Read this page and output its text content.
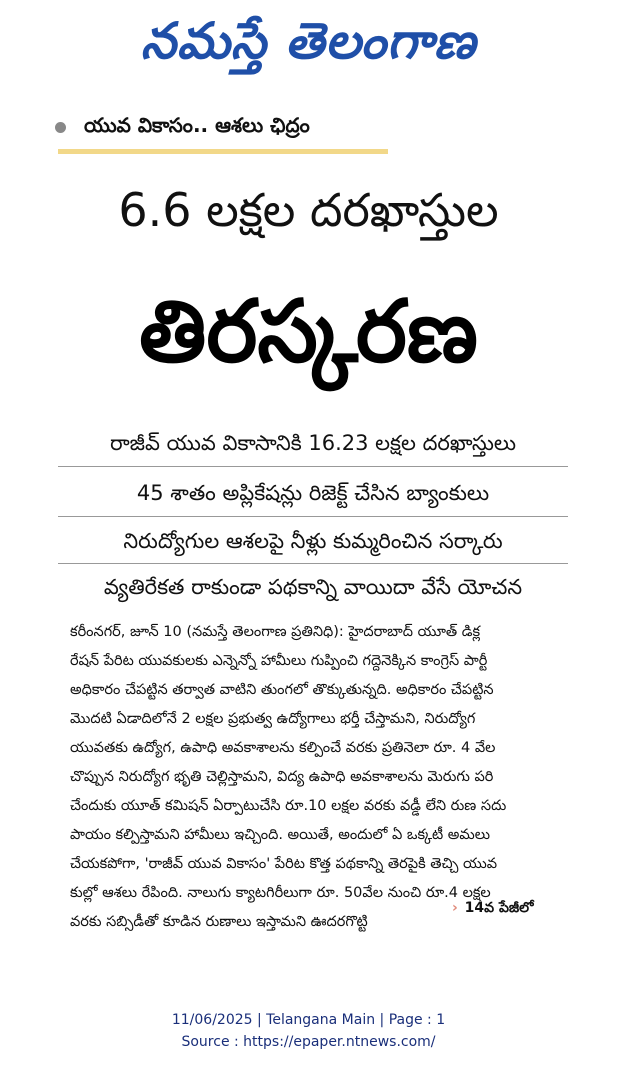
నమస్తే తెలంగాణ
యువ వికాసం.. ఆశలు ఛిద్రం
6.6 లక్షల దరఖాస్తుల
తిరస్కరణ
రాజీవ్ యువ వికాసానికి 16.23 లక్షల దరఖాస్తులు
45 శాతం అప్లికేషన్లు రిజెక్ట్ చేసిన బ్యాంకులు
నిరుద్యోగుల ఆశలపై నీళ్లు కుమ్మరించిన సర్కారు
వ్యతిరేకత రాకుండా పథకాన్ని వాయిదా వేసే యోచన
కరీంనగర్, జూన్ 10 (నమస్తే తెలంగాణ ప్రతినిధి): హైదరాబాద్ యూత్ డిక్ల
రేషన్ పేరిట యువకులకు ఎన్నెన్నో హామీలు గుప్పించి గద్దెనెక్కిన కాంగ్రెస్ పార్టీ
అధికారం చేపట్టిన తర్వాత వాటిని తుంగలో తొక్కుతున్నది. అధికారం చేపట్టిన
మొదటి ఏడాదిలోనే 2 లక్షల ప్రభుత్వ ఉద్యోగాలు భర్తీ చేస్తామని, నిరుద్యోగ
యువతకు ఉద్యోగ, ఉపాధి అవకాశాలను కల్పించే వరకు ప్రతినెలా రూ. 4 వేల
చొప్పున నిరుద్యోగ భృతి చెల్లిస్తామని, విద్య ఉపాధి అవకాశాలను మెరుగు పరి
చేందుకు యూత్ కమిషన్ ఏర్పాటుచేసి రూ.10 లక్షల వరకు వడ్డీ లేని రుణ సదు
పాయం కల్పిస్తామని హామీలు ఇచ్చింది. అయితే, అందులో ఏ ఒక్కటీ అమలు
చేయకపోగా, 'రాజీవ్ యువ వికాసం' పేరిట కొత్త పథకాన్ని తెరపైకి తెచ్చి యువ
కుల్లో ఆశలు రేపింది. నాలుగు క్యాటగిరీలుగా రూ. 50వేల నుంచి రూ.4 లక్షల
వరకు సబ్సిడీతో కూడిన రుణాలు ఇస్తామని ఊదరగొట్టి
› 14వ పేజీలో
11/06/2025 | Telangana Main | Page : 1
Source : https://epaper.ntnews.com/
